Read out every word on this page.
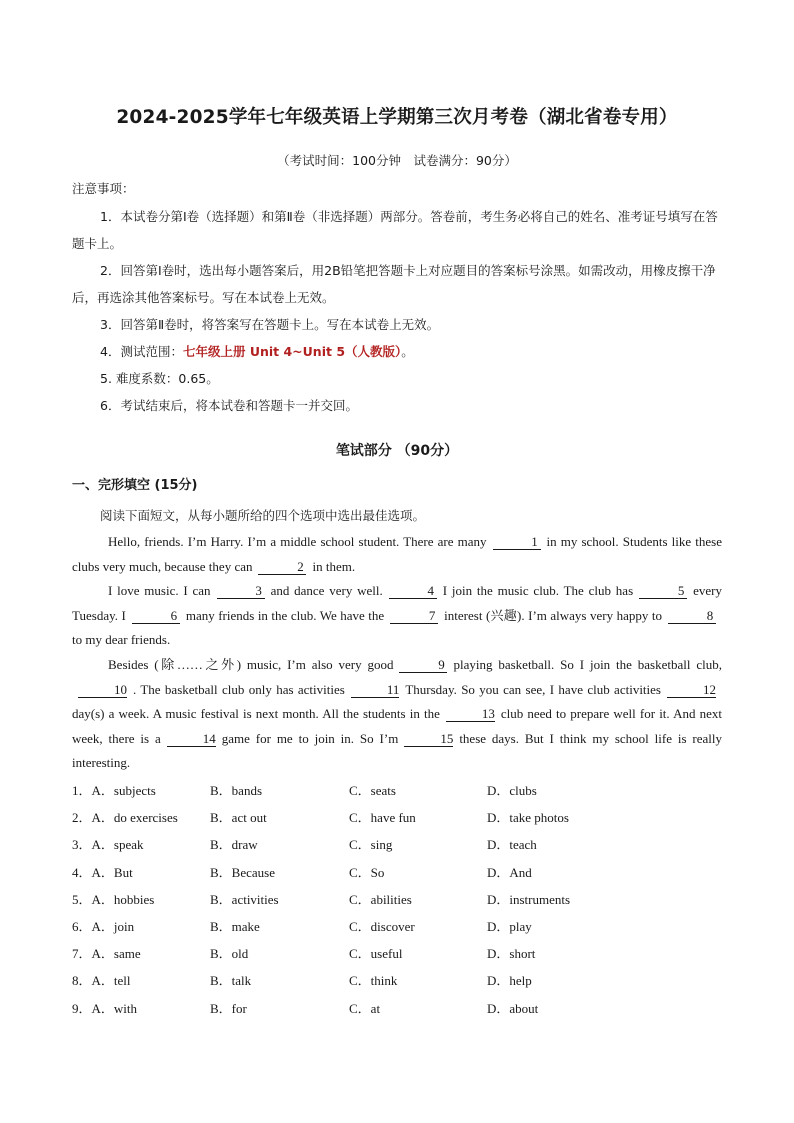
2024-2025学年七年级英语上学期第三次月考卷（湖北省卷专用）
（考试时间：100分钟　试卷满分：90分）
注意事项：

1．本试卷分第Ⅰ卷（选择题）和第Ⅱ卷（非选择题）两部分。答卷前，考生务必将自己的姓名、准考证号填写在答题卡上。

2．回答第Ⅰ卷时，选出每小题答案后，用2B铅笔把答题卡上对应题目的答案标号涂黑。如需改动，用橡皮擦干净后，再选涂其他答案标号。写在本试卷上无效。

3．回答第Ⅱ卷时，将答案写在答题卡上。写在本试卷上无效。

4．测试范围：七年级上册 Unit 4~Unit 5（人教版）。

5. 难度系数：0.65。

6．考试结束后，将本试卷和答题卡一并交回。

笔试部分 （90分）
一、完形填空 (15分)
阅读下面短文，从每小题所给的四个选项中选出最佳选项。

Hello, friends. I’m Harry. I’m a middle school student. There are many	1 in my school. Students like these clubs very much, because they can	2 in them.

I love music. I can	3 and dance very well.	4 I join the music club. The club has	5 every Tuesday. I	6 many friends in the club. We have the	7 interest (兴趣). I’m always very happy to	8to my dear friends.

Besides (除……之外) music, I’m also very good	9 playing basketball. So I join the basketball club,10 . The basketball club only has activities	11 Thursday. So you can see, I have club activities	12day(s) a week. A music festival is next month. All the students in the	13 club need to prepare well for it. And next week, there is a	14 game for me to join in. So I’m	15 these days. But I think my school life is really interesting.

1．A．subjects	B．bands	C．seats	D．clubs
2．A．do exercises B．act out	C．have fun	D．take photos
3．A．speak	B．draw	C．sing	D．teach
4．A．But	B．Because	C．So	D．And
5．A．hobbies	B．activities	C．abilities	D．instruments
6．A．join	B．make	C．discover	D．play
7．A．same	B．old	C．useful	D．short
8．A．tell	B．talk	C．think	D．help
9．A．with	B．for	C．at	D．about
